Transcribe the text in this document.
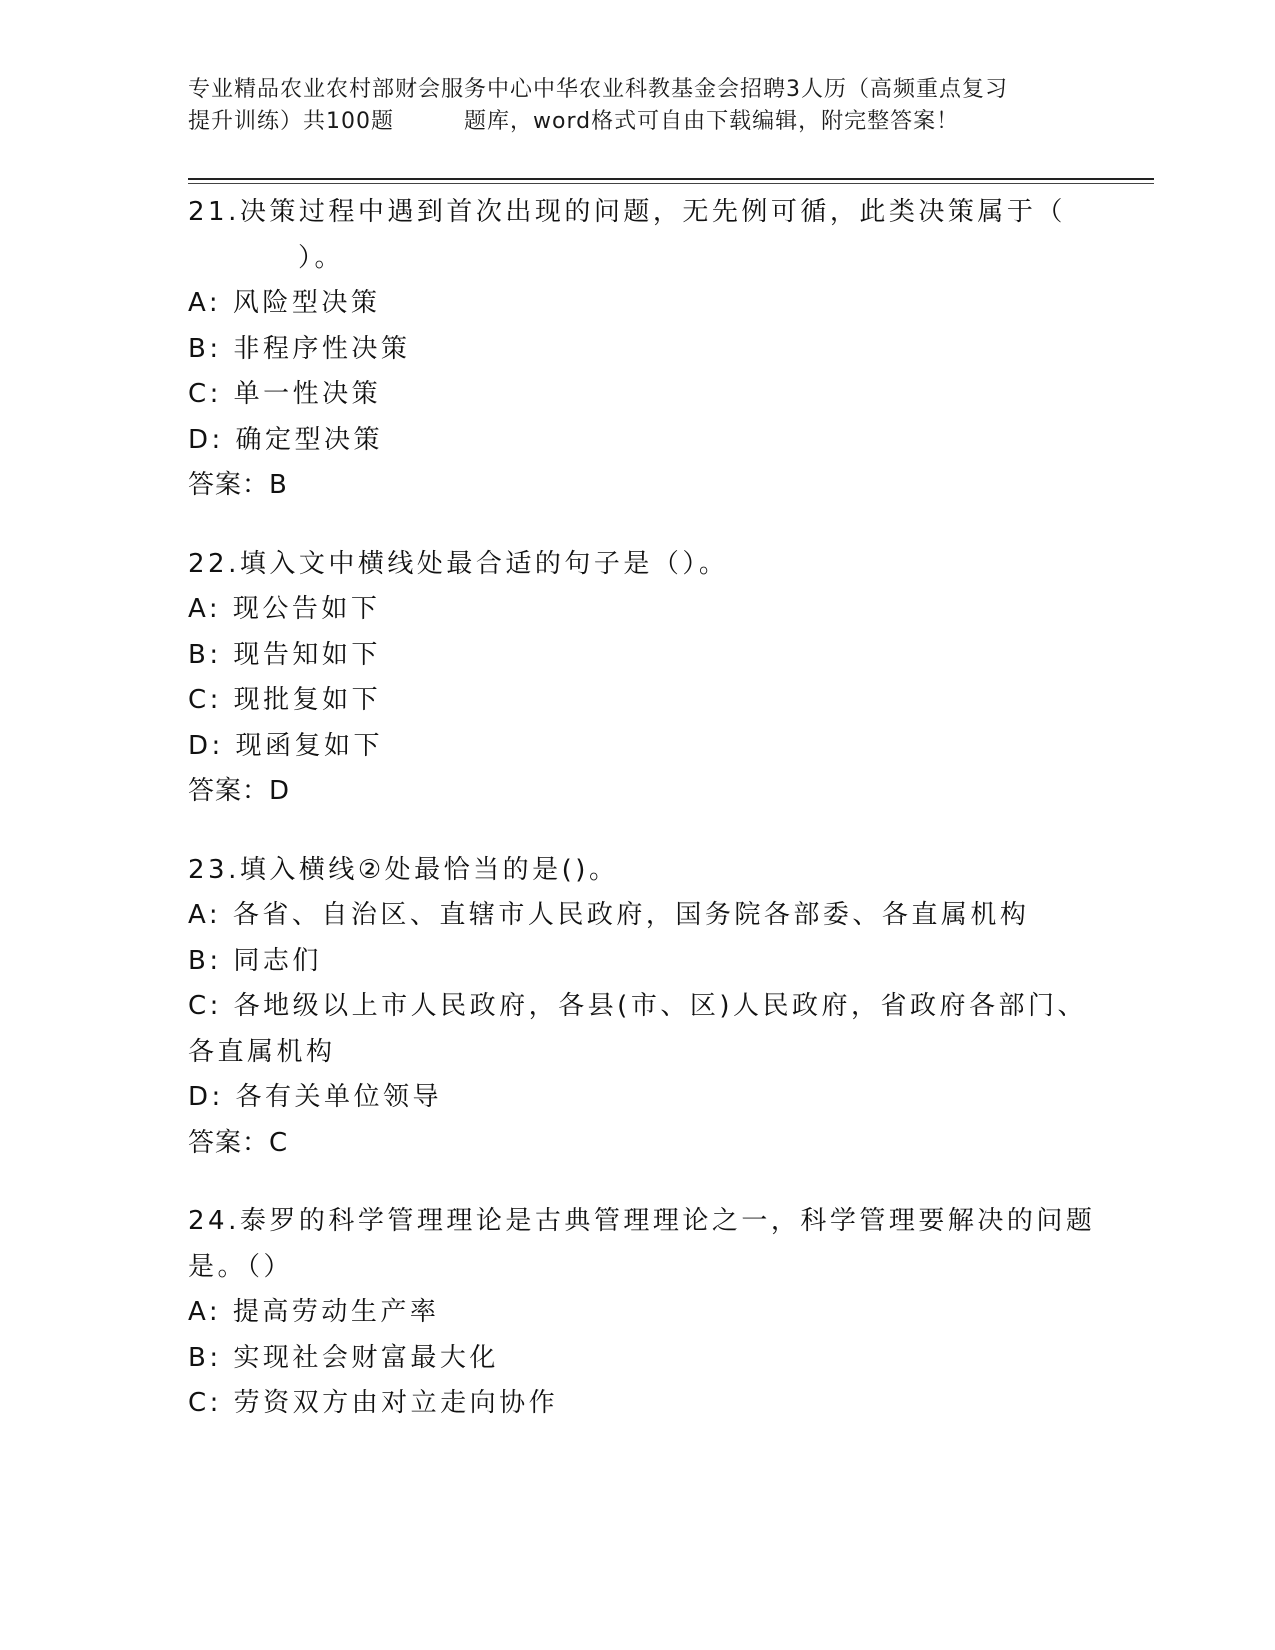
专业精品农业农村部财会服务中心中华农业科教基金会招聘3人历（高频重点复习
提升训练）共100题	题库，word格式可自由下载编辑，附完整答案！
21.决策过程中遇到首次出现的问题，无先例可循，此类决策属于（
）。
A: 风险型决策
B: 非程序性决策
C: 单一性决策
D: 确定型决策
答案：B
22.填入文中横线处最合适的句子是（）。
A: 现公告如下
B: 现告知如下
C: 现批复如下
D: 现函复如下
答案：D
23.填入横线②处最恰当的是()。
A: 各省、自治区、直辖市人民政府，国务院各部委、各直属机构
B: 同志们
C: 各地级以上市人民政府，各县(市、区)人民政府，省政府各部门、
各直属机构
D: 各有关单位领导
答案：C
24.泰罗的科学管理理论是古典管理理论之一，科学管理要解决的问题
是。（）
A: 提高劳动生产率
B: 实现社会财富最大化
C: 劳资双方由对立走向协作
